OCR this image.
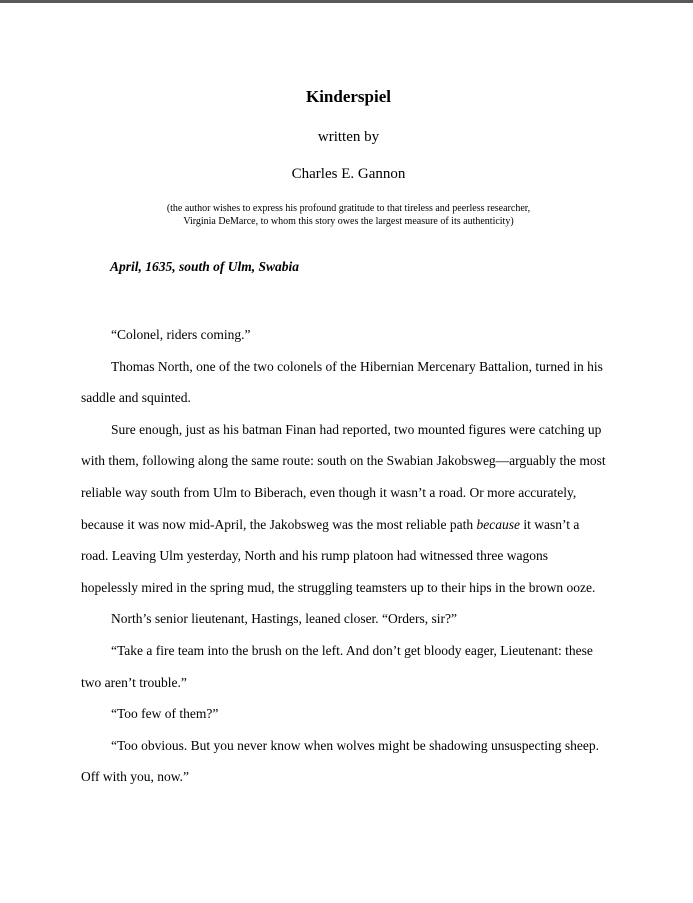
Kinderspiel
written by
Charles E. Gannon
(the author wishes to express his profound gratitude to that tireless and peerless researcher,
Virginia DeMarce, to whom this story owes the largest measure of its authenticity)
April, 1635, south of Ulm, Swabia

“Colonel, riders coming.”

Thomas North, one of the two colonels of the Hibernian Mercenary Battalion, turned in his

saddle and squinted.

Sure enough, just as his batman Finan had reported, two mounted figures were catching up

with them, following along the same route: south on the Swabian Jakobsweg—arguably the most

reliable way south from Ulm to Biberach, even though it wasn’t a road. Or more accurately,

because it was now mid-April, the Jakobsweg was the most reliable path because it wasn’t a

road. Leaving Ulm yesterday, North and his rump platoon had witnessed three wagons

hopelessly mired in the spring mud, the struggling teamsters up to their hips in the brown ooze.

North’s senior lieutenant, Hastings, leaned closer. “Orders, sir?”

“Take a fire team into the brush on the left. And don’t get bloody eager, Lieutenant: these

two aren’t trouble.”

“Too few of them?”

“Too obvious. But you never know when wolves might be shadowing unsuspecting sheep.

Off with you, now.”
